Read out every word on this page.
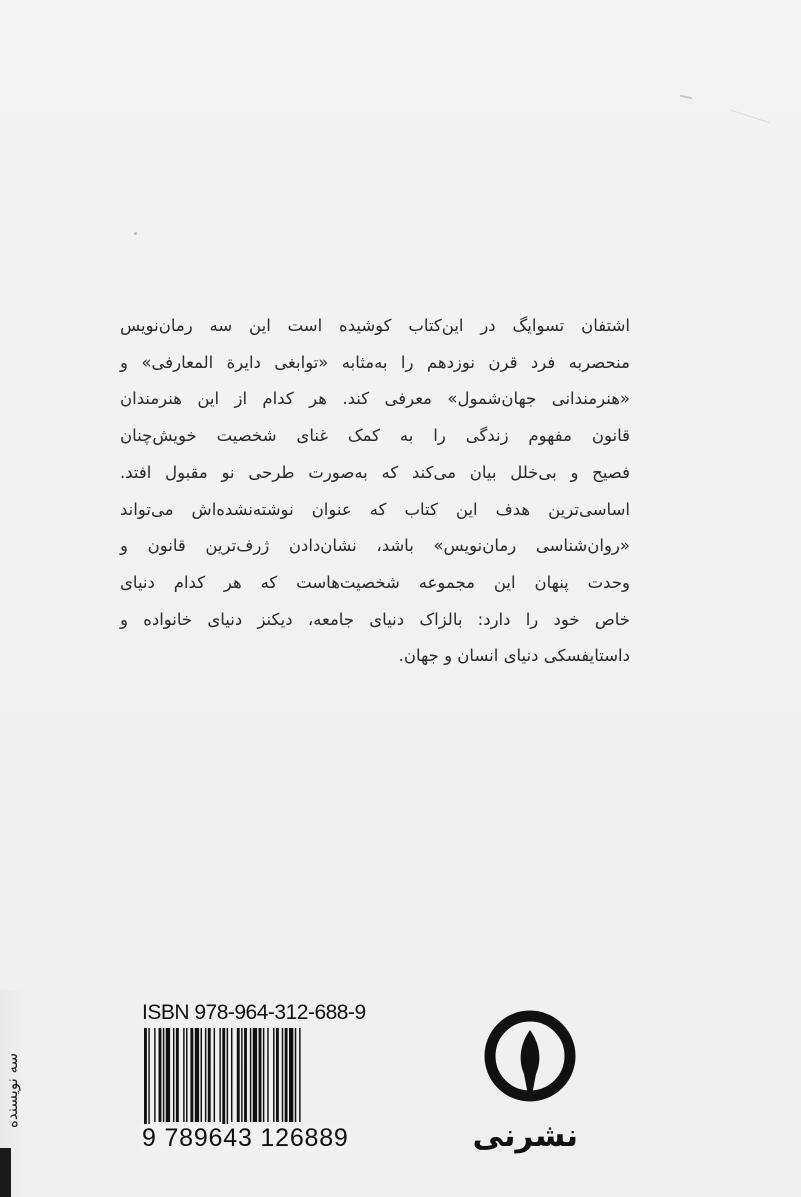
اشتفان تسوایگ در این‌کتاب کوشیده است این سه رمان‌نویس
منحصربه فرد قرن نوزدهم را به‌مثابه «توابغی دایرة المعارفی» و
«هنرمندانی جهان‌شمول» معرفی کند. هر کدام از این هنرمندان
قانون مفهوم زندگی را به کمک غنای شخصیت خویش‌چنان
فصیح و بی‌خلل بیان می‌کند که به‌صورت طرحی نو مقبول افتد.
اساسی‌ترین هدف این کتاب که عنوان نوشته‌نشده‌اش می‌تواند
«روان‌شناسی رمان‌نویس» باشد، نشان‌دادن ژرف‌ترین قانون و
وحدت پنهان این مجموعه شخصیت‌هاست که هر کدام دنیای
خاص خود را دارد: بالزاک دنیای جامعه، دیکنز دنیای خانواده و
داستایفسکی دنیای انسان و جهان.
ISBN 978-964-312-688-9
9 789643 126889	نشرنی
سه نویسنده
